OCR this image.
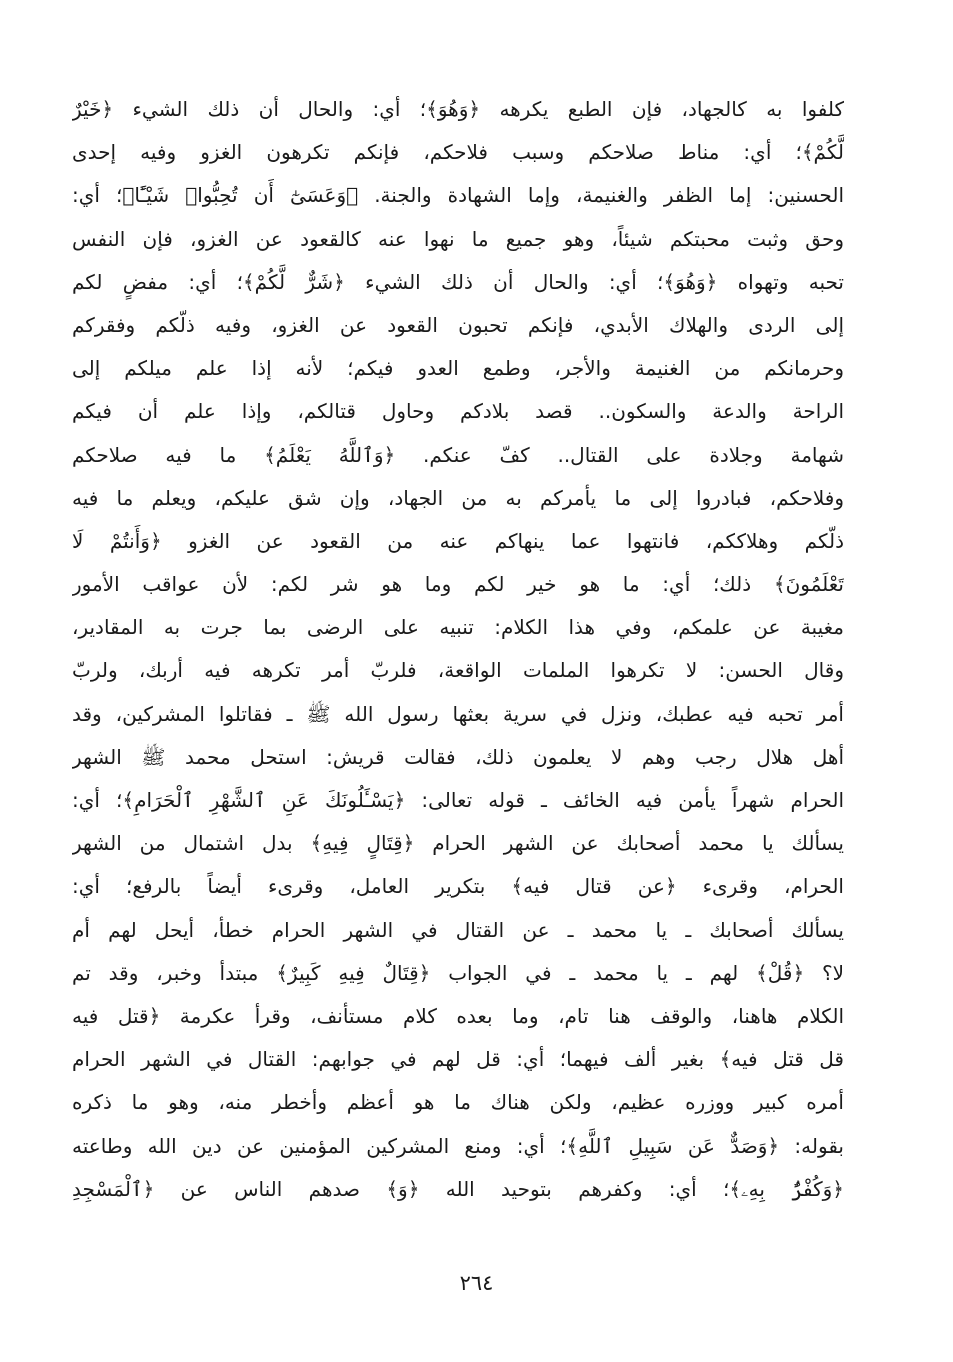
كلفوا به كالجهاد، فإن الطبع يكرهه ﴿وَهُوَ﴾؛ أي: والحال أن ذلك الشيء ﴿خَيْرٌ
لَّكُمْ﴾؛ أي: مناط صلاحكم وسبب فلاحكم، فإنكم تكرهون الغزو وفيه إحدى
الحسنين: إما الظفر والغنيمة، وإما الشهادة والجنة. ﴿وَعَسَىٰٓ أَن تُحِبُّوا۟ شَيْـًٔا﴾؛ أي:
وحق وثبت محبتكم شيئاً، وهو جميع ما نهوا عنه كالقعود عن الغزو، فإن النفس
تحبه وتهواه ﴿وَهُوَ﴾؛ أي: والحال أن ذلك الشيء ﴿شَرٌّ لَّكُمْ﴾؛ أي: مفضٍ لكم
إلى الردى والهلاك الأبدي، فإنكم تحبون القعود عن الغزو، وفيه ذلّكم وفقركم
وحرمانكم من الغنيمة والأجر، وطمع العدو فيكم؛ لأنه إذا علم ميلكم إلى
الراحة والدعة والسكون.. قصد بلادكم وحاول قتالكم، وإذا علم أن فيكم
شهامة وجلادة على القتال.. كفّ عنكم. ﴿وَٱللَّهُ يَعْلَمُ﴾ ما فيه صلاحكم
وفلاحكم، فبادروا إلى ما يأمركم به من الجهاد، وإن شق عليكم، ويعلم ما فيه
ذلّكم وهلاككم، فانتهوا عما ينهاكم عنه من القعود عن الغزو ﴿وَأَنتُمْ لَا
تَعْلَمُونَ﴾ ذلك؛ أي: ما هو خير لكم وما هو شر لكم: لأن عواقب الأمور
مغيبة عن علمكم، وفي هذا الكلام: تنبيه على الرضى بما جرت به المقادير،
وقال الحسن: لا تكرهوا الملمات الواقعة، فلربّ أمر تكرهه فيه أربك، ولربّ
أمر تحبه فيه عطبك، ونزل في سرية بعثها رسول الله ﷺ ـ فقاتلوا المشركين، وقد
أهل هلال رجب وهم لا يعلمون ذلك، فقالت قريش: استحل محمد ﷺ الشهر
الحرام شهراً يأمن فيه الخائف ـ قوله تعالى: ﴿يَسْـَٔلُونَكَ عَنِ ٱلشَّهْرِ ٱلْحَرَامِ﴾؛ أي:
يسألك يا محمد أصحابك عن الشهر الحرام ﴿قِتَالٍ فِيهِ﴾ بدل اشتمال من الشهر
الحرام، وقرىء ﴿عن قتال فيه﴾ بتكرير العامل، وقرىء أيضاً بالرفع؛ أي:
يسألك أصحابك ـ يا محمد ـ عن القتال في الشهر الحرام خطأ، أيحل لهم أم
لا؟ ﴿قُلْ﴾ لهم ـ يا محمد ـ في الجواب ﴿قِتَالٌ فِيهِ كَبِيرٌ﴾ مبتدأ وخبر، وقد تم
الكلام هاهنا، والوقف هنا تام، وما بعده كلام مستأنف، وقرأ عكرمة ﴿قتل فيه
قل قتل فيه﴾ بغير ألف فيهما؛ أي: قل لهم في جوابهم: القتال في الشهر الحرام
أمره كبير ووزره عظيم، ولكن هناك ما هو أعظم وأخطر منه، وهو ما ذكره
بقوله: ﴿وَصَدٌّ عَن سَبِيلِ ٱللَّهِ﴾؛ أي: ومنع المشركين المؤمنين عن دين الله وطاعته
﴿وَكُفْرٌۢ بِهِۦ﴾؛ أي: وكفرهم بتوحيد الله ﴿وَ﴾ صدهم الناس عن ﴿ٱلْمَسْجِدِ
٢٦٤
